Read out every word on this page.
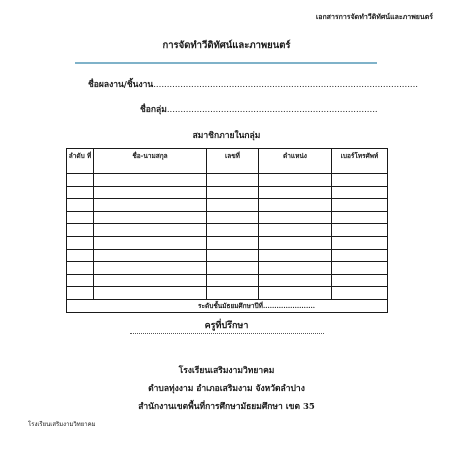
เอกสารการจัดทำวีดิทัศน์และภาพยนตร์
การจัดทำวีดิทัศน์และภาพยนตร์
ชื่อผลงาน/ชิ้นงาน..................................................................................................
ชื่อกลุ่ม..............................................................................
สมาชิกภายในกลุ่ม
ลำดับ ที่	ชื่อ-นามสกุล	เลขที่	ตำแหน่ง	เบอร์โทรศัพท์

ระดับชั้นมัธยมศึกษาปีที่.......................				
ครูที่ปรึกษา
โรงเรียนเสริมงามวิทยาคม
ตำบลทุ่งงาม อำเภอเสริมงาม จังหวัดลำปาง
สำนักงานเขตพื้นที่การศึกษามัธยมศึกษา เขต 35
โรงเรียนเสริมงามวิทยาคม
